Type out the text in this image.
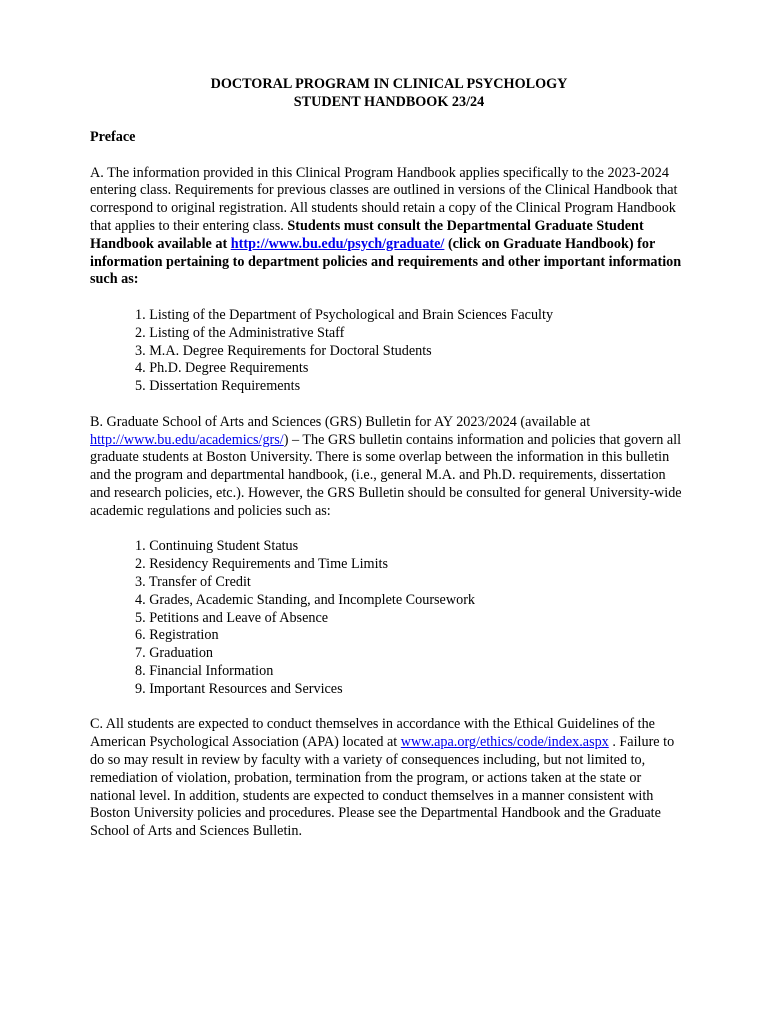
DOCTORAL PROGRAM IN CLINICAL PSYCHOLOGY

STUDENT HANDBOOK 23/24

Preface

A. The information provided in this Clinical Program Handbook applies specifically to the 2023-2024 entering class. Requirements for previous classes are outlined in versions of the Clinical Handbook that correspond to original registration. All students should retain a copy of the Clinical Program Handbook that applies to their entering class. Students must consult the Departmental Graduate Student Handbook available at http://www.bu.edu/psych/graduate/ (click on Graduate Handbook) for information pertaining to department policies and requirements and other important information such as:

1. Listing of the Department of Psychological and Brain Sciences Faculty
2. Listing of the Administrative Staff
3. M.A. Degree Requirements for Doctoral Students
4. Ph.D. Degree Requirements
5. Dissertation Requirements

B. Graduate School of Arts and Sciences (GRS) Bulletin for AY 2023/2024 (available at http://www.bu.edu/academics/grs/) – The GRS bulletin contains information and policies that govern all graduate students at Boston University. There is some overlap between the information in this bulletin and the program and departmental handbook, (i.e., general M.A. and Ph.D. requirements, dissertation and research policies, etc.). However, the GRS Bulletin should be consulted for general University-wide academic regulations and policies such as:

1. Continuing Student Status
2. Residency Requirements and Time Limits
3. Transfer of Credit
4. Grades, Academic Standing, and Incomplete Coursework
5. Petitions and Leave of Absence
6. Registration
7. Graduation
8. Financial Information
9. Important Resources and Services

C. All students are expected to conduct themselves in accordance with the Ethical Guidelines of the American Psychological Association (APA) located at www.apa.org/ethics/code/index.aspx . Failure to do so may result in review by faculty with a variety of consequences including, but not limited to, remediation of violation, probation, termination from the program, or actions taken at the state or national level. In addition, students are expected to conduct themselves in a manner consistent with Boston University policies and procedures. Please see the Departmental Handbook and the Graduate School of Arts and Sciences Bulletin.
